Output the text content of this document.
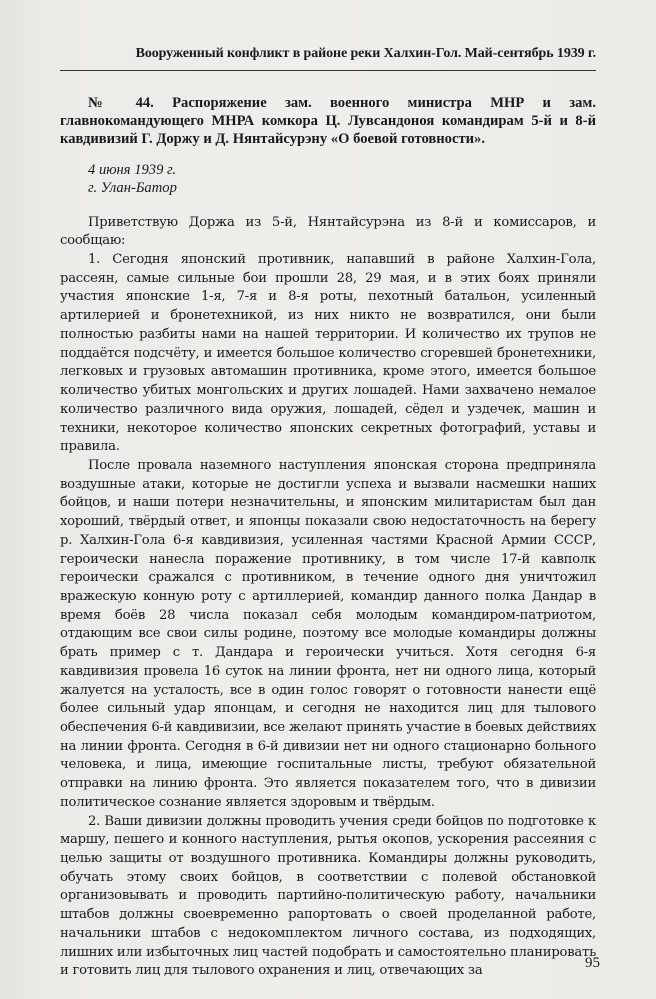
Вооруженный конфликт в районе реки Халхин-Гол. Май-сентябрь 1939 г.

№ 44. Распоряжение зам. военного министра МНР и зам. главнокомандующего МНРА комкора Ц. Лувсандоноя командирам 5-й и 8-й кавдивизий Г. Доржу и Д. Нянтайсурэну «О боевой готовности».

4 июня 1939 г.
г. Улан-Батор

Приветствую Доржа из 5-й, Нянтайсурэна из 8-й и комиссаров, и сообщаю:

1. Сегодня японский противник, напавший в районе Халхин-Гола, рассеян, самые сильные бои прошли 28, 29 мая, и в этих боях приняли участия японские 1-я, 7-я и 8-я роты, пехотный батальон, усиленный артилерией и бронетехникой, из них никто не возвратился, они были полностью разбиты нами на нашей территории. И количество их трупов не поддаётся подсчёту, и имеется большое количество сгоревшей бронетехники, легковых и грузовых автомашин противника, кроме этого, имеется большое количество убитых монгольских и других лошадей. Нами захвачено немалое количество различного вида оружия, лошадей, сёдел и уздечек, машин и техники, некоторое количество японских секретных фотографий, уставы и правила.

После провала наземного наступления японская сторона предприняла воздушные атаки, которые не достигли успеха и вызвали насмешки наших бойцов, и наши потери незначительны, и японским милитаристам был дан хороший, твёрдый ответ, и японцы показали свою недостаточность на берегу р. Халхин-Гола 6-я кавдивизия, усиленная частями Красной Армии СССР, героически нанесла поражение противнику, в том числе 17-й кавполк героически сражался с противником, в течение одного дня уничтожил вражескую конную роту с артиллерией, командир данного полка Дандар в время боёв 28 числа показал себя молодым командиром-патриотом, отдающим все свои силы родине, поэтому все молодые командиры должны брать пример с т. Дандара и героически учиться. Хотя сегодня 6-я кавдивизия провела 16 суток на линии фронта, нет ни одного лица, который жалуется на усталость, все в один голос говорят о готовности нанести ещё более сильный удар японцам, и сегодня не находится лиц для тылового обеспечения 6-й кавдивизии, все желают принять участие в боевых действиях на линии фронта. Сегодня в 6-й дивизии нет ни одного стационарно больного человека, и лица, имеющие госпитальные листы, требуют обязательной отправки на линию фронта. Это является показателем того, что в дивизии политическое сознание является здоровым и твёрдым.

2. Ваши дивизии должны проводить учения среди бойцов по подготовке к маршу, пешего и конного наступления, рытья окопов, ускорения рассеяния с целью защиты от воздушного противника. Командиры должны руководить, обучать этому своих бойцов, в соответствии с полевой обстановкой организовывать и проводить партийно-политическую работу, начальники штабов должны своевременно рапортовать о своей проделанной работе, начальники штабов с недокомплектом личного состава, из подходящих, лишних или избыточных лиц частей подобрать и самостоятельно планировать и готовить лиц для тылового охранения и лиц, отвечающих за	95
